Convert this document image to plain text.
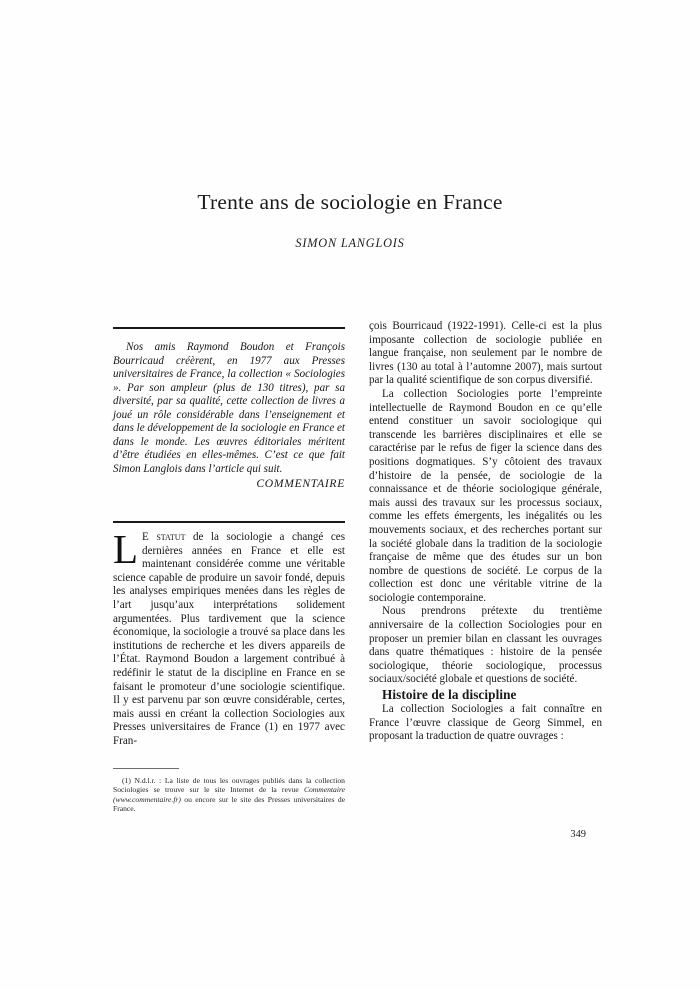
Trente ans de sociologie en France
SIMON LANGLOIS

Nos amis Raymond Boudon et François Bourricaud créèrent, en 1977 aux Presses universitaires de France, la collection « Sociologies ». Par son ampleur (plus de 130 titres), par sa diversité, par sa qualité, cette collection de livres a joué un rôle considérable dans l’enseignement et dans le développement de la sociologie en France et dans le monde. Les œuvres éditoriales méritent d’être étudiées en elles-mêmes. C’est ce que fait Simon Langlois dans l’article qui suit.

COMMENTAIRE

L E statut de la sociologie a changé ces dernières années en France et elle est maintenant considérée comme une véritable science capable de produire un savoir fondé, depuis les analyses empiriques menées dans les règles de l’art jusqu’aux interprétations solidement argumentées. Plus tardivement que la science économique, la sociologie a trouvé sa place dans les institutions de recherche et les divers appareils de l’État. Raymond Boudon a largement contribué à redéfinir le statut de la discipline en France en se faisant le promoteur d’une sociologie scientifique. Il y est parvenu par son œuvre considérable, certes, mais aussi en créant la collection Sociologies aux Presses universitaires de France (1) en 1977 avec Fran-

(1) N.d.l.r. : La liste de tous les ouvrages publiés dans la collection Sociologies se trouve sur le site Internet de la revue Commentaire (www.commentaire.fr) ou encore sur le site des Presses universitaires de France.

çois Bourricaud (1922-1991). Celle-ci est la plus imposante collection de sociologie publiée en langue française, non seulement par le nombre de livres (130 au total à l’automne 2007), mais surtout par la qualité scientifique de son corpus diversifié.

La collection Sociologies porte l’empreinte intellectuelle de Raymond Boudon en ce qu’elle entend constituer un savoir sociologique qui transcende les barrières disciplinaires et elle se caractérise par le refus de figer la science dans des positions dogmatiques. S’y côtoient des travaux d’histoire de la pensée, de sociologie de la connaissance et de théorie sociologique générale, mais aussi des travaux sur les processus sociaux, comme les effets émergents, les inégalités ou les mouvements sociaux, et des recherches portant sur la société globale dans la tradition de la sociologie française de même que des études sur un bon nombre de questions de société. Le corpus de la collection est donc une véritable vitrine de la sociologie contemporaine.

Nous prendrons prétexte du trentième anniversaire de la collection Sociologies pour en proposer un premier bilan en classant les ouvrages dans quatre thématiques : histoire de la pensée sociologique, théorie sociologique, processus sociaux/société globale et questions de société.

Histoire de la discipline

La collection Sociologies a fait connaître en France l’œuvre classique de Georg Simmel, en proposant la traduction de quatre ouvrages :

349
